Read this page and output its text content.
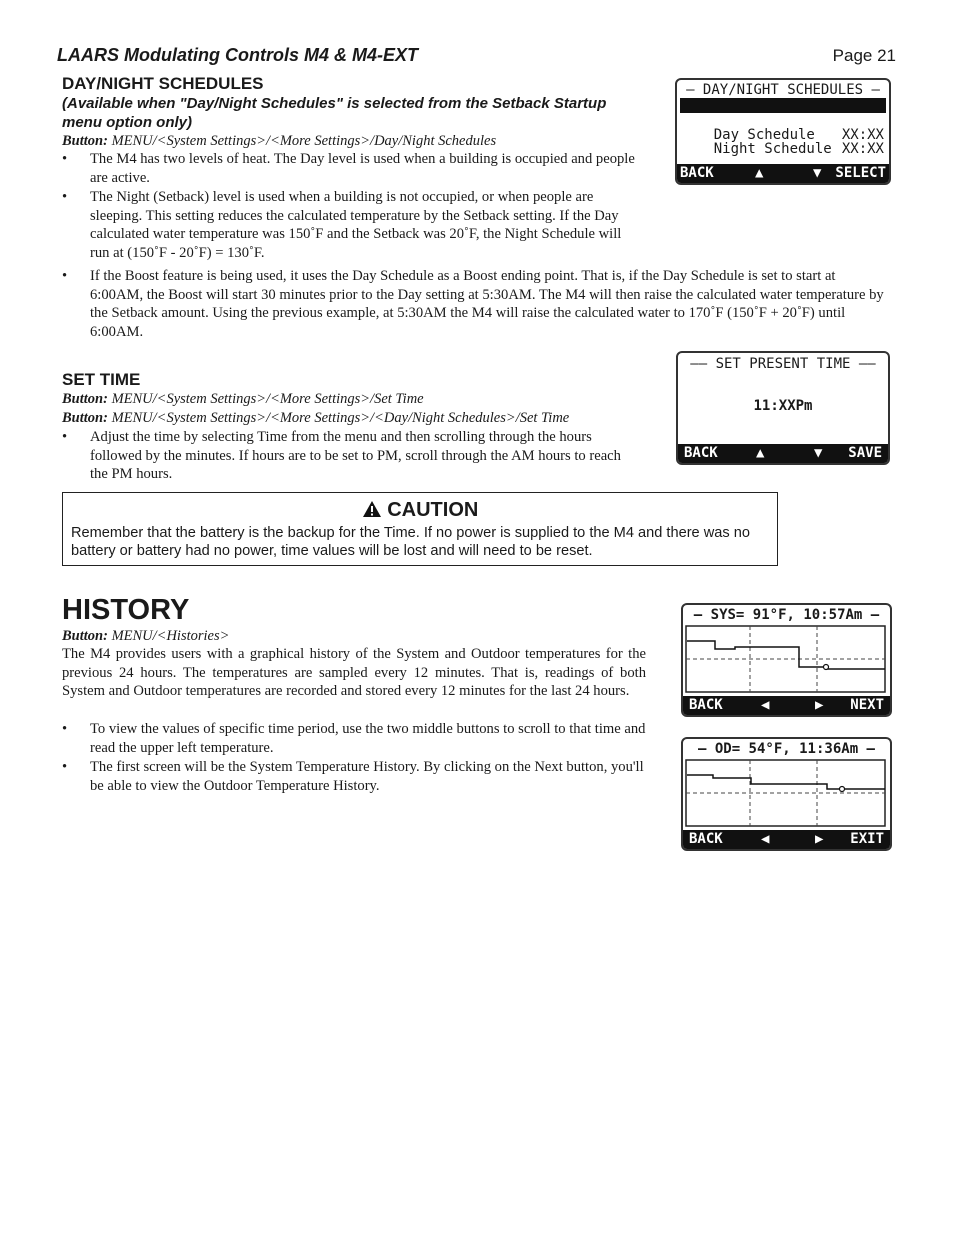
LAARS Modulating Controls M4 & M4-EXT	Page 21
DAY/NIGHT SCHEDULES
(Available when "Day/Night Schedules" is selected from the Setback Startup menu option only)
Button: MENU/<System Settings>/<More Settings>/Day/Night Schedules
• The M4 has two levels of heat. The Day level is used when a building is occupied and people are active.
• The Night (Setback) level is used when a building is not occupied, or when people are sleeping. This setting reduces the calculated temperature by the Setback setting. If the Day calculated water temperature was 150˚F and the Setback was 20˚F, the Night Schedule will run at (150˚F - 20˚F) = 130˚F.
• If the Boost feature is being used, it uses the Day Schedule as a Boost ending point. That is, if the Day Schedule is set to start at 6:00AM, the Boost will start 30 minutes prior to the Day setting at 5:30AM. The M4 will then raise the calculated water temperature by the Setback amount. Using the previous example, at 5:30AM the M4 will raise the calculated water to 170˚F (150˚F + 20˚F) until 6:00AM.
— DAY/NIGHT SCHEDULES —

Set Time	XX:XX

Day Schedule XX:XX

Night Schedule XX:XX

BACK	▲	▼ SELECT
SET TIME
Button: MENU/<System Settings>/<More Settings>/Set Time
Button: MENU/<System Settings>/<More Settings>/<Day/Night Schedules>/Set Time
• Adjust the time by selecting Time from the menu and then scrolling through the hours followed by the minutes. If hours are to be set to PM, scroll through the AM hours to reach the PM hours.
—— SET PRESENT TIME ——
11:XXPm
BACK	▲	▼ SAVE
CAUTION
Remember that the battery is the backup for the Time. If no power is supplied to the M4 and there was no battery or battery had no power, time values will be lost and will need to be reset.
HISTORY
Button: MENU/<Histories>
The M4 provides users with a graphical history of the System and Outdoor temperatures for the previous 24 hours. The temperatures are sampled every 12 minutes. That is, readings of both System and Outdoor temperatures are recorded and stored every 12 minutes for the last 24 hours.
• To view the values of specific time period, use the two middle buttons to scroll to that time and read the upper left temperature.
• The first screen will be the System Temperature History. By clicking on the Next button, you'll be able to view the Outdoor Temperature History.
— SYS= 91°F, 10:57Am —
BACK	◀	▶ NEXT
— OD= 54°F, 11:36Am —
BACK	◀	▶ EXIT
